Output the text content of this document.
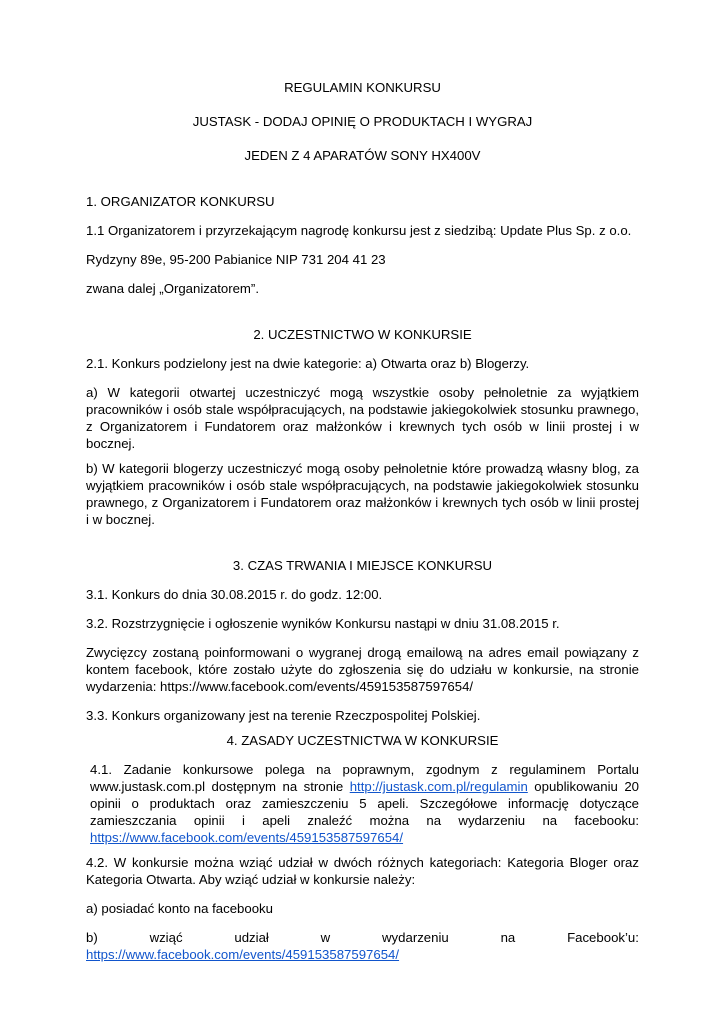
REGULAMIN KONKURSU

JUSTASK - DODAJ OPINIĘ O PRODUKTACH I WYGRAJ

JEDEN Z 4 APARATÓW SONY HX400V

1. ORGANIZATOR KONKURSU

1.1 Organizatorem i przyrzekającym nagrodę konkursu jest z siedzibą: Update Plus Sp. z o.o.

Rydzyny 89e, 95-200 Pabianice NIP 731 204 41 23

zwana dalej „Organizatorem”.

2. UCZESTNICTWO W KONKURSIE

2.1. Konkurs podzielony jest na dwie kategorie: a) Otwarta oraz b) Blogerzy.

a) W kategorii otwartej uczestniczyć mogą wszystkie osoby pełnoletnie za wyjątkiem pracowników i osób stale współpracujących, na podstawie jakiegokolwiek stosunku prawnego, z Organizatorem i Fundatorem oraz małżonków i krewnych tych osób w linii prostej i w bocznej.

b) W kategorii blogerzy uczestniczyć mogą osoby pełnoletnie które prowadzą własny blog, za wyjątkiem pracowników i osób stale współpracujących, na podstawie jakiegokolwiek stosunku prawnego, z Organizatorem i Fundatorem oraz małżonków i krewnych tych osób w linii prostej i w bocznej.

3. CZAS TRWANIA I MIEJSCE KONKURSU

3.1. Konkurs do dnia 30.08.2015 r. do godz. 12:00.

3.2. Rozstrzygnięcie i ogłoszenie wyników Konkursu nastąpi w dniu 31.08.2015 r.

Zwycięzcy zostaną poinformowani o wygranej drogą emailową na adres email powiązany z kontem facebook, które zostało użyte do zgłoszenia się do udziału w konkursie, na stronie wydarzenia: https://www.facebook.com/events/459153587597654/

3.3. Konkurs organizowany jest na terenie Rzeczpospolitej Polskiej.

4. ZASADY UCZESTNICTWA W KONKURSIE

4.1. Zadanie konkursowe polega na poprawnym, zgodnym z regulaminem Portalu www.justask.com.pl dostępnym na stronie http://justask.com.pl/regulamin opublikowaniu 20 opinii o produktach oraz zamieszczeniu 5 apeli. Szczegółowe informację dotyczące zamieszczania opinii i apeli znaleźć można na wydarzeniu na facebooku: https://www.facebook.com/events/459153587597654/

4.2. W konkursie można wziąć udział w dwóch różnych kategoriach: Kategoria Bloger oraz Kategoria Otwarta. Aby wziąć udział w konkursie należy:

a) posiadać konto na facebooku

b)	wziąć	udział	w	wydarzeniu	na	Facebook’u:
https://www.facebook.com/events/459153587597654/
